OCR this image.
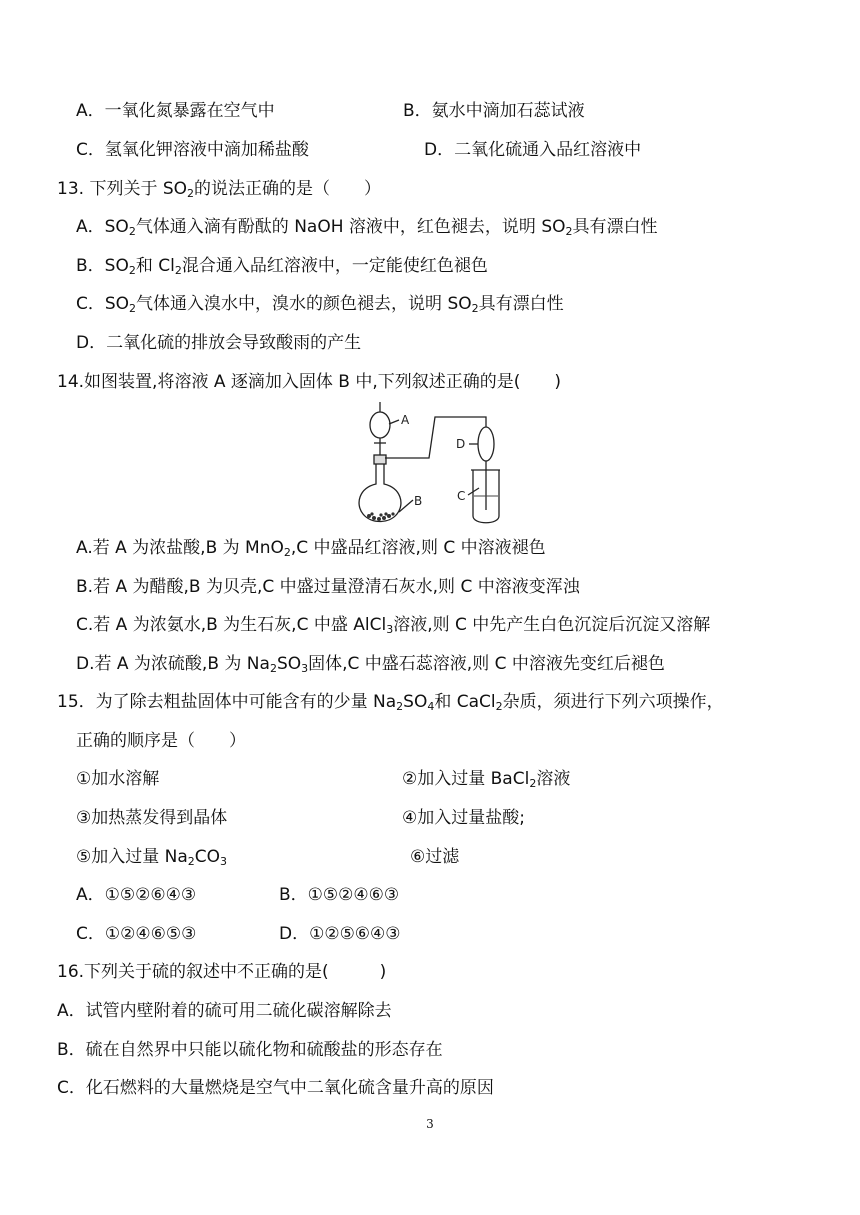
A．一氧化氮暴露在空气中	B．氨水中滴加石蕊试液
C．氢氧化钾溶液中滴加稀盐酸	D．二氧化硫通入品红溶液中
13. 下列关于 $SO_2$的说法正确的是（　　）
A．$SO_2$气体通入滴有酚酞的 NaOH 溶液中，红色褪去，说明 $SO_2$具有漂白性
B．$SO_2$和 $Cl_2$混合通入品红溶液中，一定能使红色褪色
C．$SO_2$气体通入溴水中，溴水的颜色褪去，说明 $SO_2$具有漂白性
D．二氧化硫的排放会导致酸雨的产生
14.如图装置,将溶液 A 逐滴加入固体 B 中,下列叙述正确的是(　　)
A
B
D
C
A.若 A 为浓盐酸,B 为 MnO$_2$,C 中盛品红溶液,则 C 中溶液褪色
B.若 A 为醋酸,B 为贝壳,C 中盛过量澄清石灰水,则 C 中溶液变浑浊
C.若 A 为浓氨水,B 为生石灰,C 中盛 AlCl$_3$溶液,则 C 中先产生白色沉淀后沉淀又溶解
D.若 A 为浓硫酸,B 为 $Na_2SO_3$固体,C 中盛石蕊溶液,则 C 中溶液先变红后褪色
15．为了除去粗盐固体中可能含有的少量 $Na_2SO_4$和 CaCl$_2$杂质，须进行下列六项操作，
正确的顺序是（　　）
①加水溶解	②加入过量 BaCl$_2$溶液
③加热蒸发得到晶体	④加入过量盐酸;
⑤加入过量 $Na_2CO_3$	⑥过滤
A．①⑤②⑥④③	B．①⑤②④⑥③
C．①②④⑥⑤③	D．①②⑤⑥④③
16.下列关于硫的叙述中不正确的是(　　　)
A．试管内壁附着的硫可用二硫化碳溶解除去
B．硫在自然界中只能以硫化物和硫酸盐的形态存在
C．化石燃料的大量燃烧是空气中二氧化硫含量升高的原因
3
